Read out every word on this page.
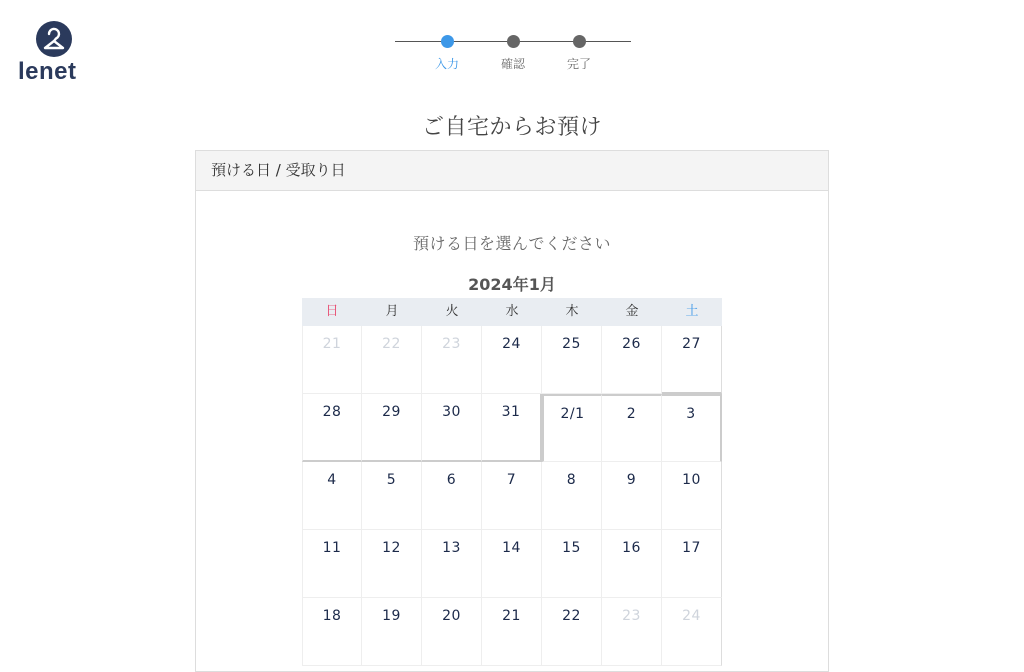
lenet	入力	確認	完了
ご自宅からお預け
預ける日 / 受取り日
預ける日を選んでください
2024年1月
日	月	火	水	木	金	土
21	22	23	24	25	26	27
28	29	30	31	2/1	2	3
4	5	6	7	8	9	10
11	12	13	14	15	16	17
18	19	20	21	22	23	24
